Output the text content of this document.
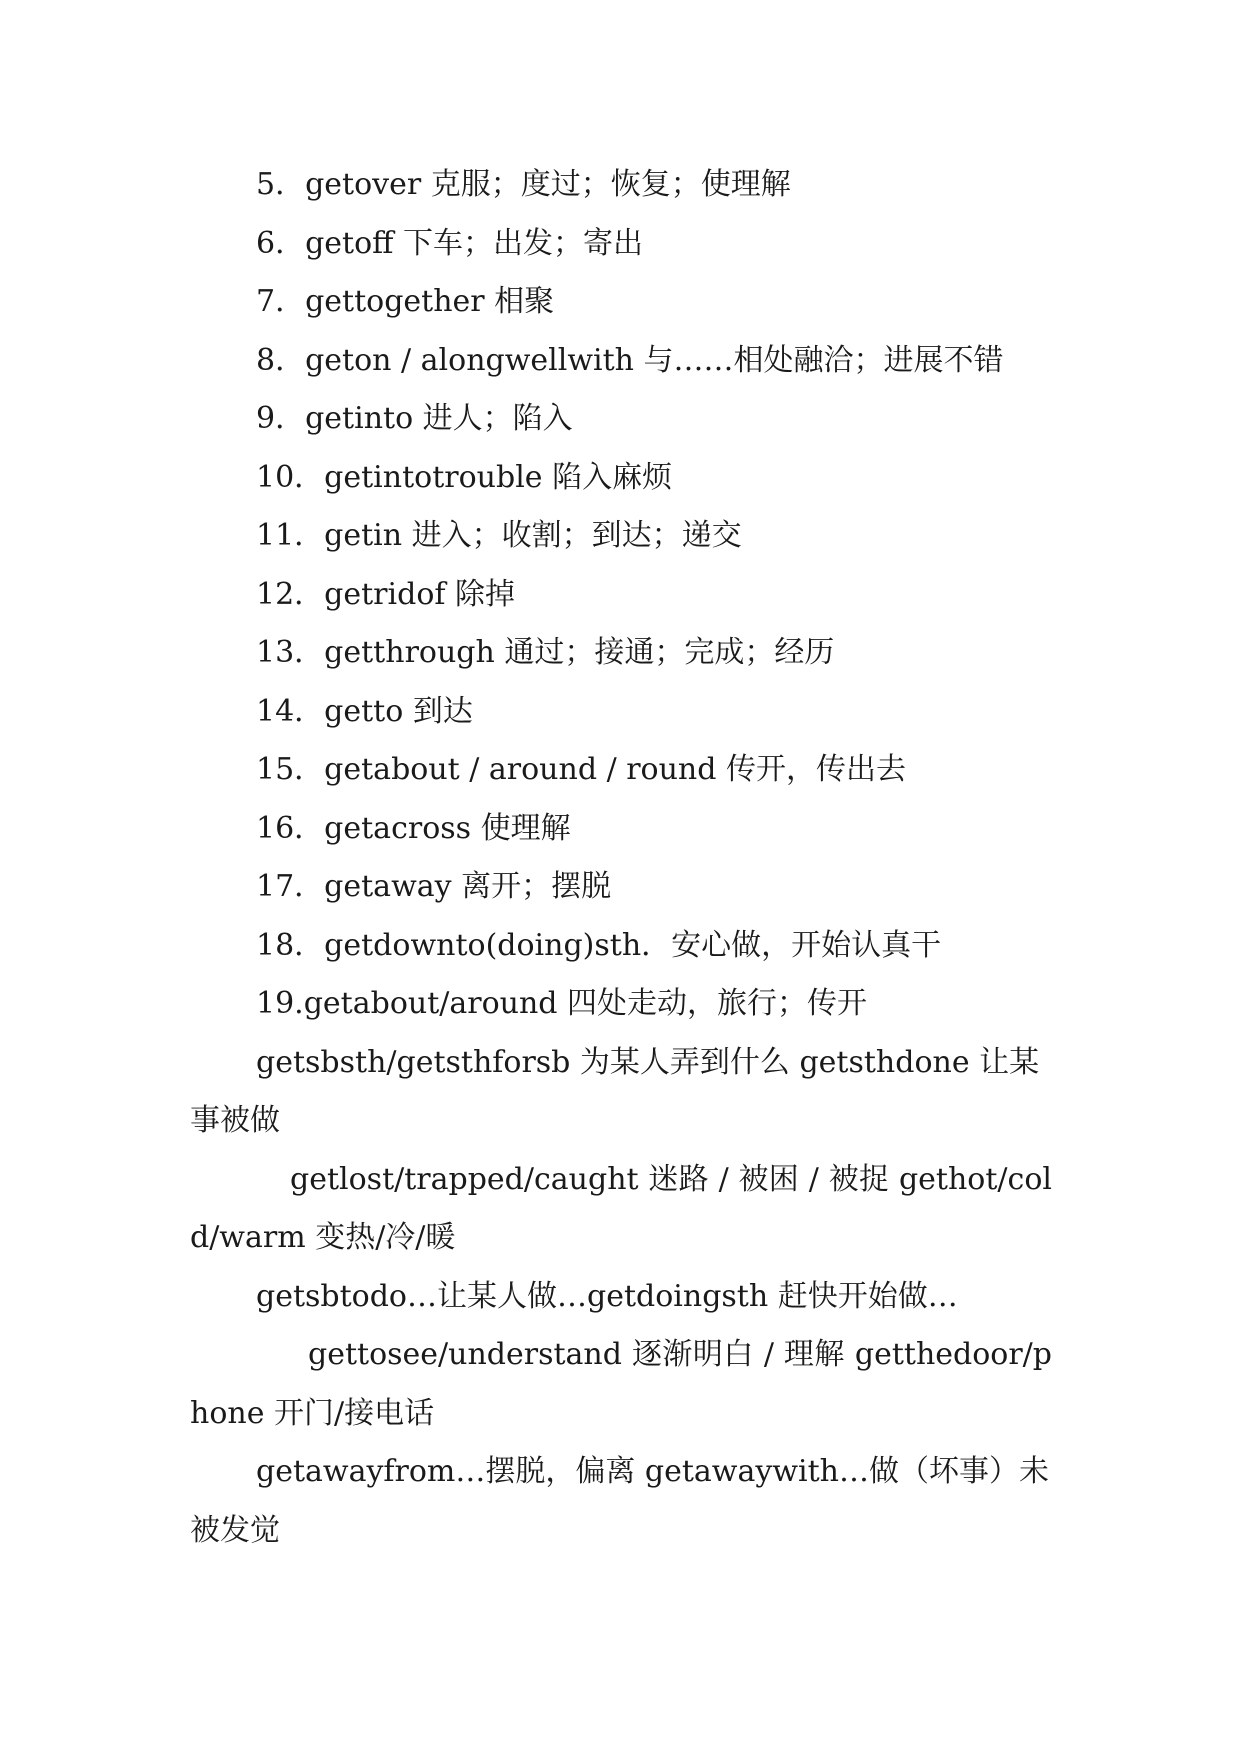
5．getover 克服；度过；恢复；使理解

6．getoff 下车；出发；寄出

7．gettogether 相聚

8．geton / alongwellwith 与……相处融洽；进展不错

9．getinto 进人；陷入

10．getintotrouble 陷入麻烦

11．getin 进入；收割；到达；递交

12．getridof 除掉

13．getthrough 通过；接通；完成；经历

14．getto 到达

15．getabout / around / round 传开，传出去

16．getacross 使理解

17．getaway 离开；摆脱

18．getdownto(doing)sth．安心做，开始认真干

19.getabout/around 四处走动，旅行；传开

getsbsth/getsthforsb 为某人弄到什么 getsthdone 让某事被做

getlost/trapped/caught 迷路 / 被困 / 被捉 gethot/cold/warm 变热/冷/暖

getsbtodo…让某人做…getdoingsth 赶快开始做…

gettosee/understand 逐渐明白 / 理解 getthedoor/phone 开门/接电话

getawayfrom…摆脱，偏离 getawaywith…做（坏事）未被发觉
